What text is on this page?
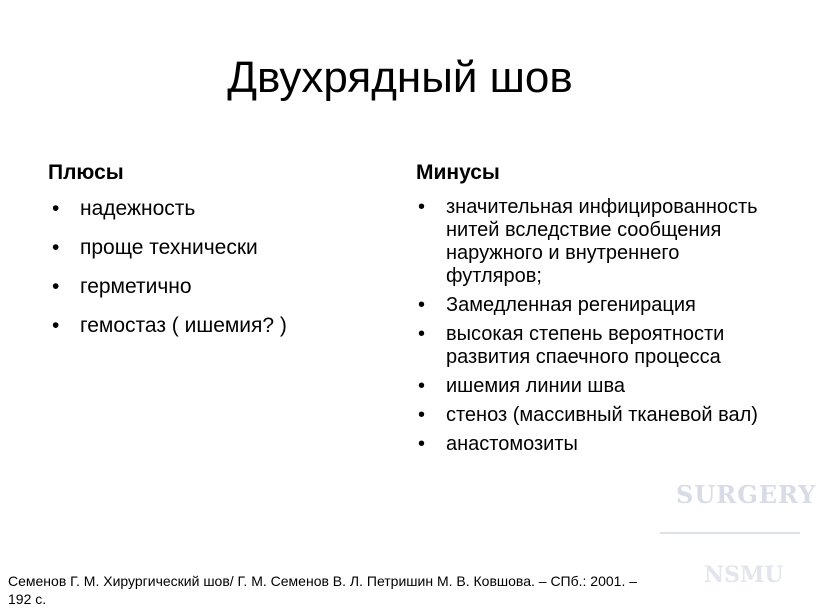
Двухрядный шов
Плюсы
• надежность
• проще технически
• герметично
• гемостаз ( ишемия? )
Минусы
• значительная инфицированность нитей вследствие сообщения наружного и внутреннего футляров;
• Замедленная регенирация
• высокая степень вероятности развития спаечного процесса
• ишемия линии шва
• стеноз (массивный тканевой вал)
• анастомозиты
SURGERY
NSMU
Семенов Г. М. Хирургический шов/ Г. М. Семенов В. Л. Петришин М. В. Ковшова. – СПб.: 2001. –
192 с.
